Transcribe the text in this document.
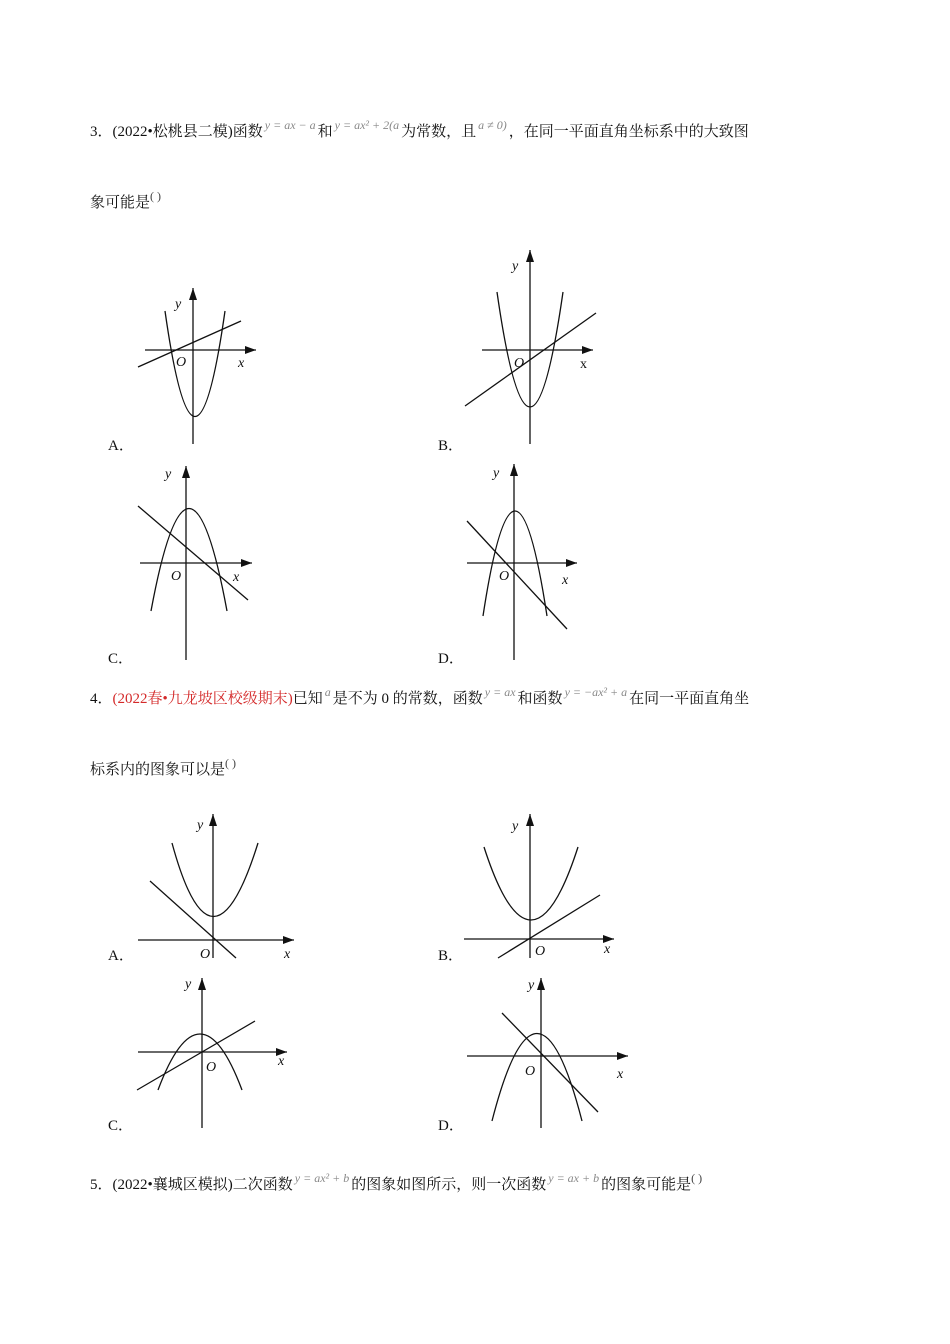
3．(2022•松桃县二模)函数 $^{y = ax - a}$ 和 $^{y = ax^2 + 2(a}$ 为常数，且 $^{a \ne 0)}$ ，在同一平面直角坐标系中的大致图
象可能是( )
y
O	x
A．
y
O	x
B．
y
O	x
C．
y
O	x
D．
4．(2022春•九龙坡区校级期末)已知 $^a$ 是不为 0 的常数，函数 $^{y = ax}$ 和函数 $^{y = -ax^2 + a}$ 在同一平面直角坐
标系内的图象可以是( )
y
O	x
A．
y
O	x
B．
y
O	x
C．
y
O	x
D．
5．(2022•襄城区模拟)二次函数 $^{y = ax^2 + b}$ 的图象如图所示，则一次函数 $^{y = ax + b}$ 的图象可能是( )
